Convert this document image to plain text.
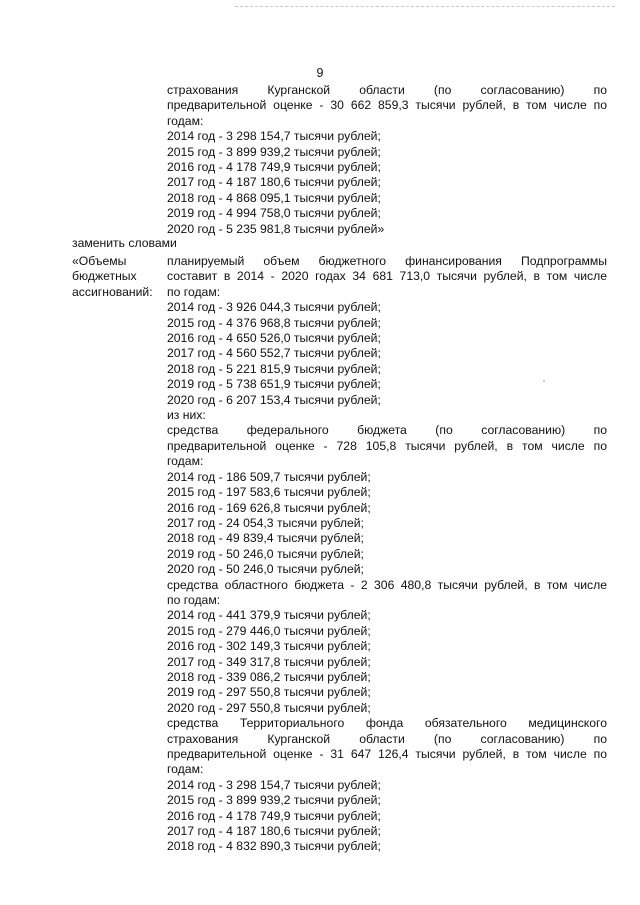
9
страхования Курганской области (по согласованию) по
предварительной оценке - 30 662 859,3 тысячи рублей, в том числе по
годам:
2014 год - 3 298 154,7 тысячи рублей;
2015 год - 3 899 939,2 тысячи рублей;
2016 год - 4 178 749,9 тысячи рублей;
2017 год - 4 187 180,6 тысячи рублей;
2018 год - 4 868 095,1 тысячи рублей;
2019 год - 4 994 758,0 тысячи рублей;
2020 год - 5 235 981,8 тысячи рублей»
заменить словами
«Объемы
бюджетных
ассигнований:
планируемый объем бюджетного финансирования Подпрограммы
составит в 2014 - 2020 годах 34 681 713,0 тысячи рублей, в том числе
по годам:
2014 год - 3 926 044,3 тысячи рублей;
2015 год - 4 376 968,8 тысячи рублей;
2016 год - 4 650 526,0 тысячи рублей;
2017 год - 4 560 552,7 тысячи рублей;
2018 год - 5 221 815,9 тысячи рублей;
2019 год - 5 738 651,9 тысячи рублей;
2020 год - 6 207 153,4 тысячи рублей;
из них:
средства федерального бюджета (по согласованию) по
предварительной оценке - 728 105,8 тысячи рублей, в том числе по
годам:
2014 год - 186 509,7 тысячи рублей;
2015 год - 197 583,6 тысячи рублей;
2016 год - 169 626,8 тысячи рублей;
2017 год - 24 054,3 тысячи рублей;
2018 год - 49 839,4 тысячи рублей;
2019 год - 50 246,0 тысячи рублей;
2020 год - 50 246,0 тысячи рублей;
средства областного бюджета - 2 306 480,8 тысячи рублей, в том числе
по годам:
2014 год - 441 379,9 тысячи рублей;
2015 год - 279 446,0 тысячи рублей;
2016 год - 302 149,3 тысячи рублей;
2017 год - 349 317,8 тысячи рублей;
2018 год - 339 086,2 тысячи рублей;
2019 год - 297 550,8 тысячи рублей;
2020 год - 297 550,8 тысячи рублей;
средства Территориального фонда обязательного медицинского
страхования Курганской области (по согласованию) по
предварительной оценке - 31 647 126,4 тысячи рублей, в том числе по
годам:
2014 год - 3 298 154,7 тысячи рублей;
2015 год - 3 899 939,2 тысячи рублей;
2016 год - 4 178 749,9 тысячи рублей;
2017 год - 4 187 180,6 тысячи рублей;
2018 год - 4 832 890,3 тысячи рублей;
